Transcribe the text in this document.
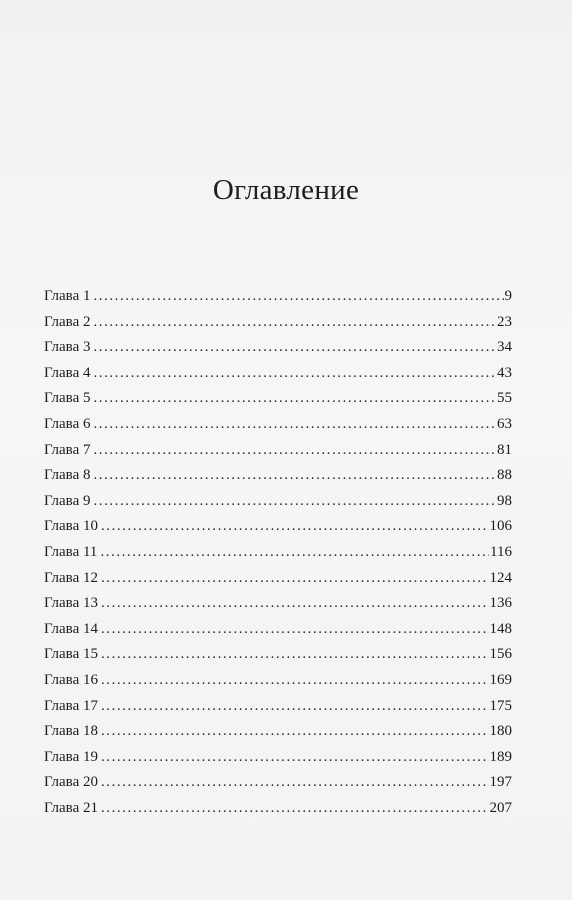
Оглавление
Глава 1 .....	9
Глава 2 .....	23
Глава 3 .....	34
Глава 4 .....	43
Глава 5 .....	55
Глава 6 .....	63
Глава 7 .....	81
Глава 8 .....	88
Глава 9 .....	98
Глава 10 .....	106
Глава 11 .....	116
Глава 12 .....	124
Глава 13 .....	136
Глава 14 .....	148
Глава 15 .....	156
Глава 16 .....	169
Глава 17 .....	175
Глава 18 .....	180
Глава 19 .....	189
Глава 20 .....	197
Глава 21 .....	207
